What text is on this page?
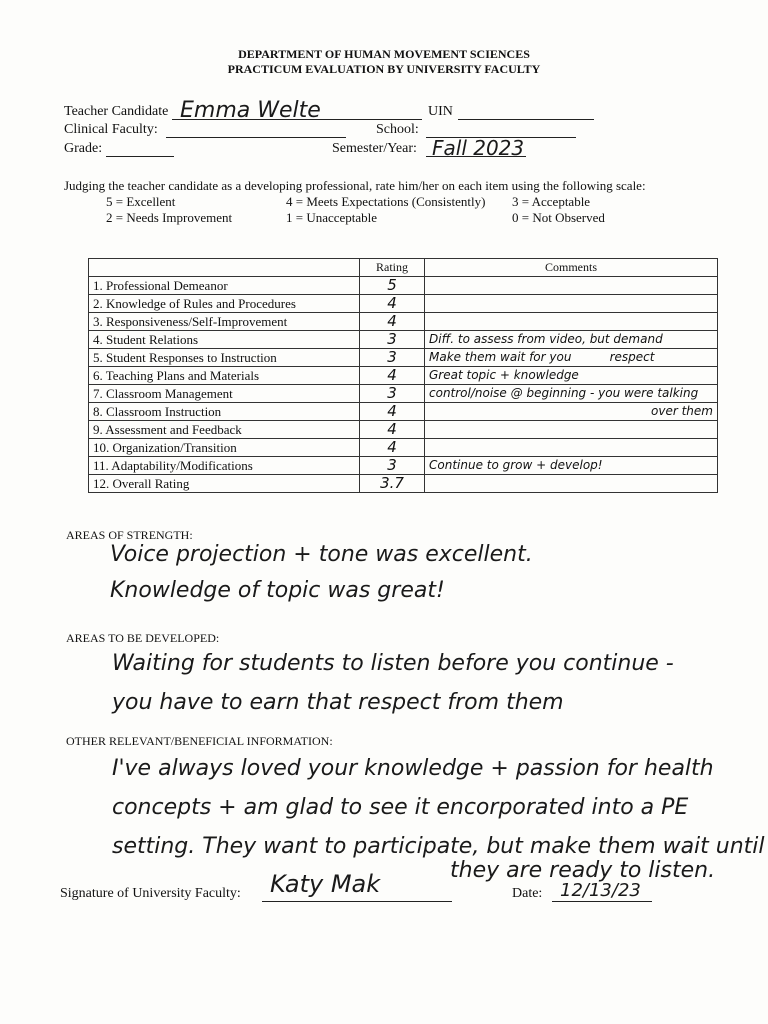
DEPARTMENT OF HUMAN MOVEMENT SCIENCES
PRACTICUM EVALUATION BY UNIVERSITY FACULTY
Teacher Candidate Emma Welte	UIN
Clinical Faculty:	School:
Grade:	Semester/Year: Fall 2023
Judging the teacher candidate as a developing professional, rate him/her on each item using the following scale:
5 = Excellent	4 = Meets Expectations (Consistently) 3 = Acceptable
2 = Needs Improvement	1 = Unacceptable	0 = Not Observed
	Rating	Comments
1. Professional Demeanor	5	
2. Knowledge of Rules and Procedures	4	
3. Responsiveness/Self-Improvement	4	
4. Student Relations	3	Diff. to assess from video, but demand
5. Student Responses to Instruction	3	Make them wait for you          respect
6. Teaching Plans and Materials	4	Great topic + knowledge
7. Classroom Management	3	control/noise @ beginning - you were talking
8. Classroom Instruction	4	over them
9. Assessment and Feedback	4	
10. Organization/Transition	4	
11. Adaptability/Modifications	3	Continue to grow + develop!
12. Overall Rating	3.7	
AREAS OF STRENGTH:
Voice projection + tone was excellent.
Knowledge of topic was great!
AREAS TO BE DEVELOPED:
Waiting for students to listen before you continue -
you have to earn that respect from them
OTHER RELEVANT/BENEFICIAL INFORMATION:
I've always loved your knowledge + passion for health
concepts + am glad to see it encorporated into a PE
setting. They want to participate, but make them wait until
they are ready to listen.
Signature of University Faculty: Katy Mak	Date: 12/13/23
